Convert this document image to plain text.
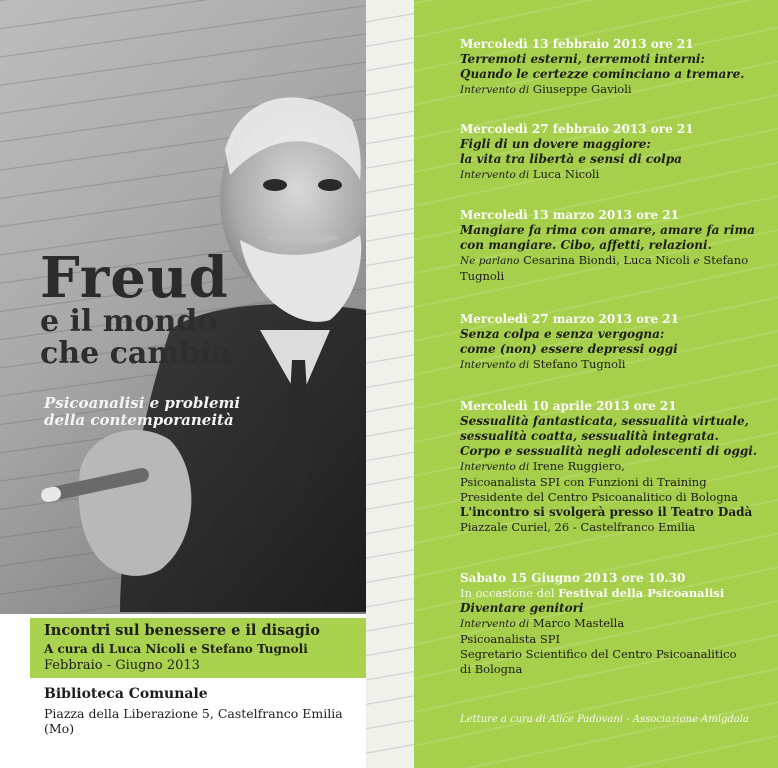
Freud
e il mondo
che cambia
Psicoanalisi e problemi
della contemporaneità
Incontri sul benessere e il disagio
A cura di Luca Nicoli e Stefano Tugnoli
Febbraio - Giugno 2013
Biblioteca Comunale
Piazza della Liberazione 5, Castelfranco Emilia (Mo)
Mercoledì 13 febbraio 2013 ore 21
Terremoti esterni, terremoti interni:
Quando le certezze cominciano a tremare.
Intervento di Giuseppe Gavioli
Mercoledì 27 febbraio 2013 ore 21
Figli di un dovere maggiore:
la vita tra libertà e sensi di colpa
Intervento di Luca Nicoli
Mercoledì 13 marzo 2013 ore 21
Mangiare fa rima con amare, amare fa rima
con mangiare. Cibo, affetti, relazioni.
Ne parlano Cesarina Biondi, Luca Nicoli e Stefano
Tugnoli
Mercoledì 27 marzo 2013 ore 21
Senza colpa e senza vergogna:
come (non) essere depressi oggi
Intervento di Stefano Tugnoli
Mercoledì 10 aprile 2013 ore 21
Sessualità fantasticata, sessualità virtuale,
sessualità coatta, sessualità integrata.
Corpo e sessualità negli adolescenti di oggi.
Intervento di Irene Ruggiero,
Psicoanalista SPI con Funzioni di Training
Presidente del Centro Psicoanalitico di Bologna
L'incontro si svolgerà presso il Teatro Dadà
Piazzale Curiel, 26 - Castelfranco Emilia
Sabato 15 Giugno 2013 ore 10.30
In occasione del Festival della Psicoanalisi
Diventare genitori
Intervento di Marco Mastella
Psicoanalista SPI
Segretario Scientifico del Centro Psicoanalitico
di Bologna
Letture a cura di Alice Padovani - Associazione Amigdala
